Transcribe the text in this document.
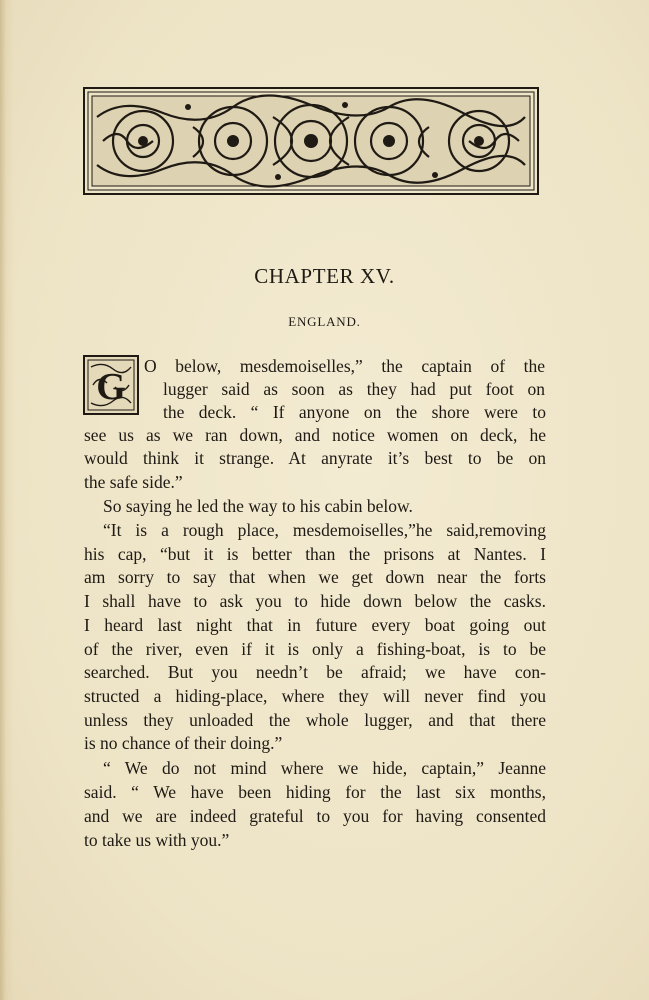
CHAPTER XV.
ENGLAND.
G O below, mesdemoiselles,” the captain of the
lugger said as soon as they had put foot on
the deck. “ If anyone on the shore were to
see us as we ran down, and notice women on deck, he
would think it strange. At anyrate it’s best to be on
the safe side.”
So saying he led the way to his cabin below.
“It is a rough place, mesdemoiselles,”he said,removing
his cap, “but it is better than the prisons at Nantes. I
am sorry to say that when we get down near the forts
I shall have to ask you to hide down below the casks.
I heard last night that in future every boat going out
of the river, even if it is only a fishing-boat, is to be
searched. But you needn’t be afraid; we have con-
structed a hiding-place, where they will never find you
unless they unloaded the whole lugger, and that there
is no chance of their doing.”
“ We do not mind where we hide, captain,” Jeanne
said. “ We have been hiding for the last six months,
and we are indeed grateful to you for having consented
to take us with you.”
